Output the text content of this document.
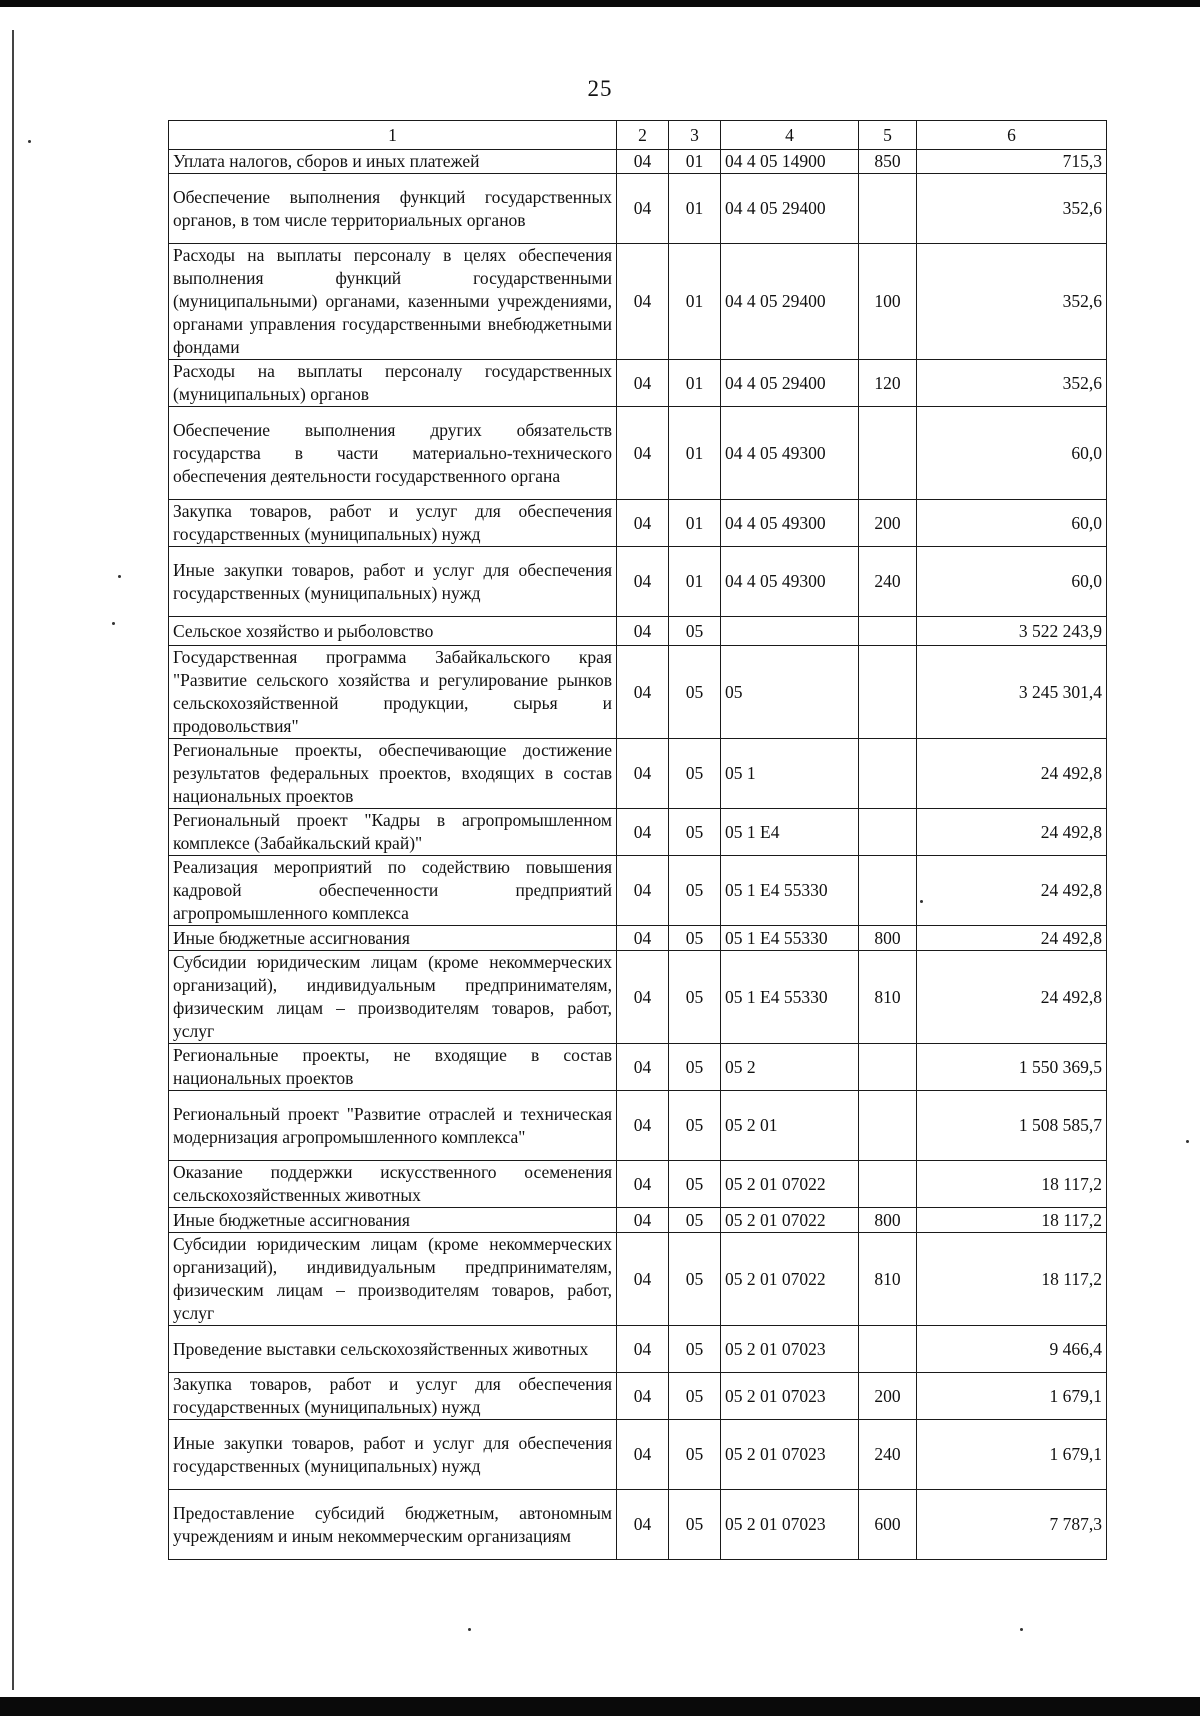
25
1	2	3	4	5	6
Уплата налогов, сборов и иных платежей	04	01	04 4 05 14900	850	715,3
Обеспечение выполнения функций государственных органов, в том числе территориальных органов	04	01	04 4 05 29400		352,6
Расходы на выплаты персоналу в целях обеспечения выполнения функций государственными (муниципальными) органами, казенными учреждениями, органами управления государственными внебюджетными фондами	04	01	04 4 05 29400	100	352,6
Расходы на выплаты персоналу государственных (муниципальных) органов	04	01	04 4 05 29400	120	352,6
Обеспечение выполнения других обязательств государства в части материально-технического обеспечения деятельности государственного органа	04	01	04 4 05 49300		60,0
Закупка товаров, работ и услуг для обеспечения государственных (муниципальных) нужд	04	01	04 4 05 49300	200	60,0
Иные закупки товаров, работ и услуг для обеспечения государственных (муниципальных) нужд	04	01	04 4 05 49300	240	60,0
Сельское хозяйство и рыболовство	04	05			3 522 243,9
Государственная программа Забайкальского края "Развитие сельского хозяйства и регулирование рынков сельскохозяйственной продукции, сырья и продовольствия"	04	05	05		3 245 301,4
Региональные проекты, обеспечивающие достижение результатов федеральных проектов, входящих в состав национальных проектов	04	05	05 1		24 492,8
Региональный проект "Кадры в агропромышленном комплексе (Забайкальский край)"	04	05	05 1 E4		24 492,8
Реализация мероприятий по содействию повышения кадровой обеспеченности предприятий агропромышленного комплекса	04	05	05 1 E4 55330		24 492,8
Иные бюджетные ассигнования	04	05	05 1 E4 55330	800	24 492,8
Субсидии юридическим лицам (кроме некоммерческих организаций), индивидуальным предпринимателям, физическим лицам – производителям товаров, работ, услуг	04	05	05 1 E4 55330	810	24 492,8
Региональные проекты, не входящие в состав национальных проектов	04	05	05 2		1 550 369,5
Региональный проект "Развитие отраслей и техническая модернизация агропромышленного комплекса"	04	05	05 2 01		1 508 585,7
Оказание поддержки искусственного осеменения сельскохозяйственных животных	04	05	05 2 01 07022		18 117,2
Иные бюджетные ассигнования	04	05	05 2 01 07022	800	18 117,2
Субсидии юридическим лицам (кроме некоммерческих организаций), индивидуальным предпринимателям, физическим лицам – производителям товаров, работ, услуг	04	05	05 2 01 07022	810	18 117,2
Проведение выставки сельскохозяйственных животных	04	05	05 2 01 07023		9 466,4
Закупка товаров, работ и услуг для обеспечения государственных (муниципальных) нужд	04	05	05 2 01 07023	200	1 679,1
Иные закупки товаров, работ и услуг для обеспечения государственных (муниципальных) нужд	04	05	05 2 01 07023	240	1 679,1
Предоставление субсидий бюджетным, автономным учреждениям и иным некоммерческим организациям	04	05	05 2 01 07023	600	7 787,3
